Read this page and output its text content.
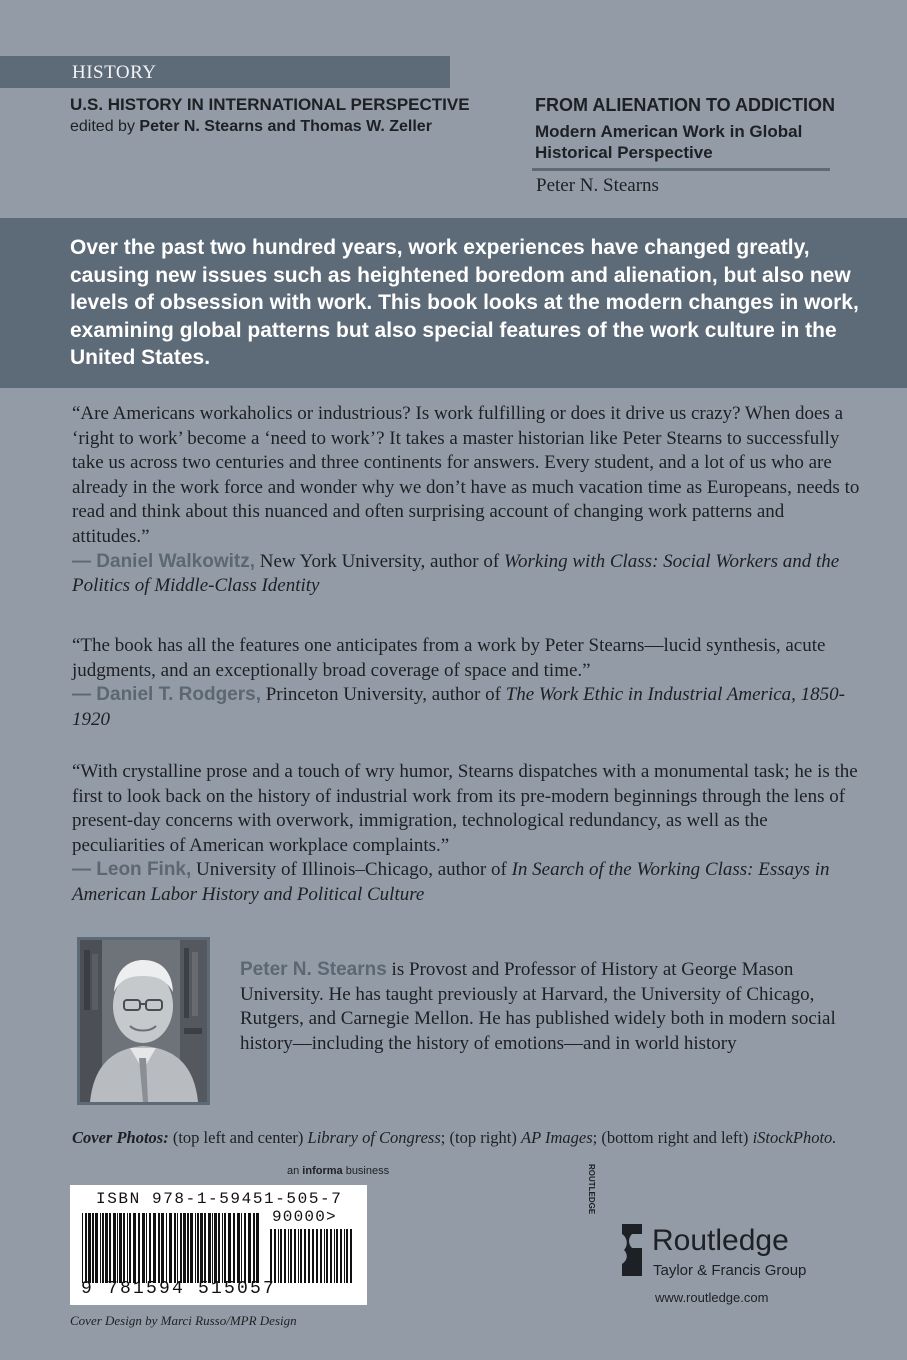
HISTORY
U.S. HISTORY IN INTERNATIONAL PERSPECTIVE
edited by Peter N. Stearns and Thomas W. Zeller
FROM ALIENATION TO ADDICTION
Modern American Work in Global Historical Perspective
Peter N. Stearns
Over the past two hundred years, work experiences have changed greatly, causing new issues such as heightened boredom and alienation, but also new levels of obsession with work. This book looks at the modern changes in work, examining global patterns but also special features of the work culture in the United States.
“Are Americans workaholics or industrious? Is work fulfilling or does it drive us crazy? When does a ‘right to work’ become a ‘need to work’? It takes a master historian like Peter Stearns to successfully take us across two centuries and three continents for answers. Every student, and a lot of us who are already in the work force and wonder why we don’t have as much vacation time as Europeans, needs to read and think about this nuanced and often surprising account of changing work patterns and attitudes.”
— Daniel Walkowitz, New York University, author of Working with Class: Social Workers and the Politics of Middle-Class Identity
“The book has all the features one anticipates from a work by Peter Stearns—lucid synthesis, acute judgments, and an exceptionally broad coverage of space and time.”
— Daniel T. Rodgers, Princeton University, author of The Work Ethic in Industrial America, 1850-1920
“With crystalline prose and a touch of wry humor, Stearns dispatches with a monumental task; he is the first to look back on the history of industrial work from its pre-modern beginnings through the lens of present-day concerns with overwork, immigration, technological redundancy, as well as the peculiarities of American workplace complaints.”
— Leon Fink, University of Illinois–Chicago, author of In Search of the Working Class: Essays in American Labor History and Political Culture
Peter N. Stearns is Provost and Professor of History at George Mason University. He has taught previously at Harvard, the University of Chicago, Rutgers, and Carnegie Mellon. He has published widely both in modern social history—including the history of emotions—and in world history
Cover Photos: (top left and center) Library of Congress; (top right) AP Images; (bottom right and left) iStockPhoto.
an informa business
ISBN 978-1-59451-505-7
90000>
9 781594 515057
ROUTLEDGE
Routledge
Taylor & Francis Group
www.routledge.com
Cover Design by Marci Russo/MPR Design
